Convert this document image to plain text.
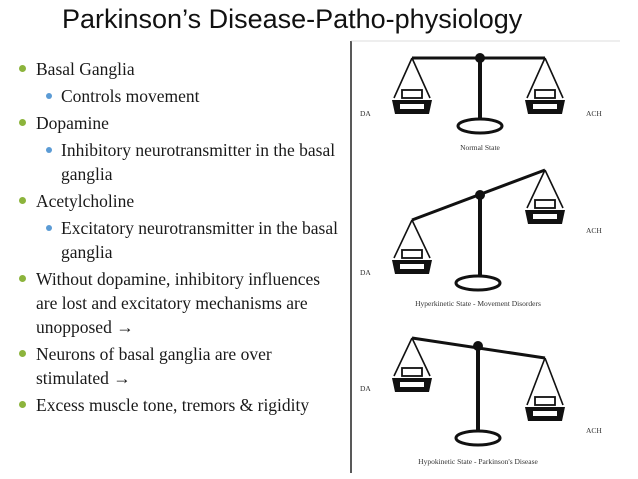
Parkinson’s Disease-Patho-physiology
Basal Ganglia
Controls movement
Dopamine
Inhibitory neurotransmitter in the basal ganglia
Acetylcholine
Excitatory neurotransmitter in the basal ganglia
Without dopamine, inhibitory influences are lost and excitatory mechanisms are unopposed →
Neurons of basal ganglia are over stimulated →
Excess muscle tone, tremors & rigidity
DA	ACH
Normal State
DA
ACH
Hyperkinetic State - Movement Disorders
DA
ACH
Hypokinetic State - Parkinson's Disease
